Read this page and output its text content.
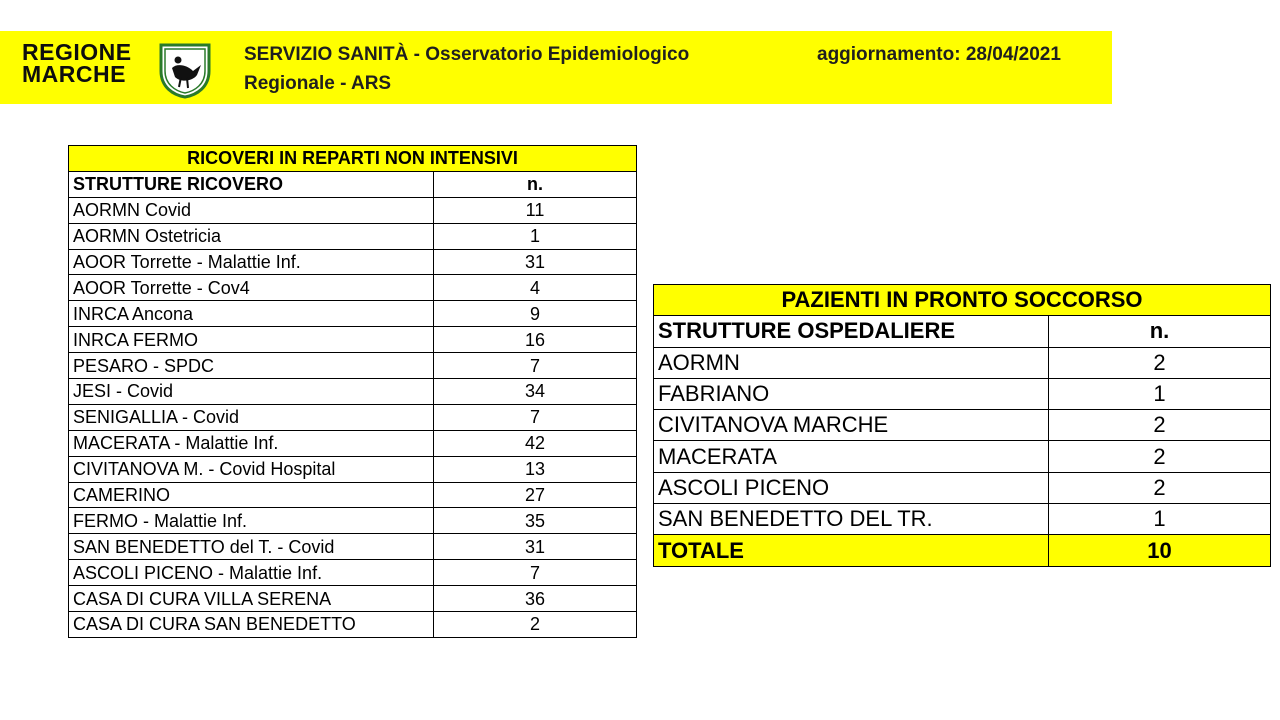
REGIONE
MARCHE
SERVIZIO SANITÀ - Osservatorio Epidemiologico
Regionale - ARS
aggiornamento: 28/04/2021
RICOVERI IN REPARTI NON INTENSIVI	
STRUTTURE RICOVERO	n.
AORMN Covid	11
AORMN Ostetricia	1
AOOR Torrette - Malattie Inf.	31
AOOR Torrette - Cov4	4
INRCA Ancona	9
INRCA FERMO	16
PESARO - SPDC	7
JESI - Covid	34
SENIGALLIA - Covid	7
MACERATA - Malattie Inf.	42
CIVITANOVA M. - Covid Hospital	13
CAMERINO	27
FERMO - Malattie Inf.	35
SAN BENEDETTO del T. - Covid	31
ASCOLI PICENO - Malattie Inf.	7
CASA DI CURA VILLA SERENA	36
CASA DI CURA SAN BENEDETTO	2
PAZIENTI IN PRONTO SOCCORSO	
STRUTTURE OSPEDALIERE	n.
AORMN	2
FABRIANO	1
CIVITANOVA MARCHE	2
MACERATA	2
ASCOLI PICENO	2
SAN BENEDETTO DEL TR.	1
TOTALE	10
